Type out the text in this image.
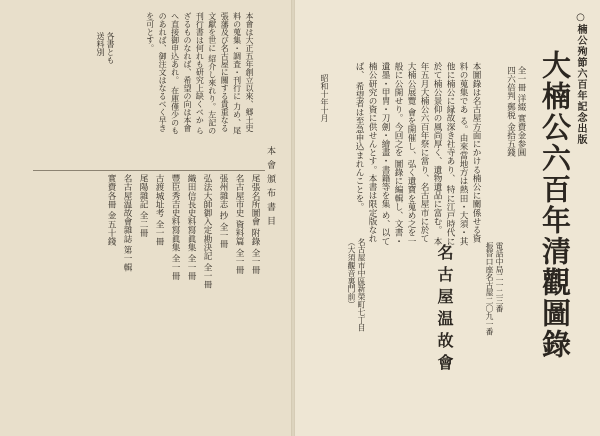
本會は大正五年創立以來、郷土史料の蒐集・調査・刊行に 力め、尾張藩及び名古屋に關する貴重なる文獻を世に 紹介し來れり。左記の刊行書は何れも研究上缺くべか らざるものなれば、希望の向は本會へ直接御申込あれ。 在庫僅少のものあれば、御注文はなるべく早きを可とす。
各書とも
送料別
本會頒布書目
尾張名所圖會 附錄 全一冊
名古屋市史 資料篇 全一冊
張州雜志 抄 全一冊
弘法大師御入定勘決記 全一冊
織田信長史料寫眞集 全一冊
豐臣秀吉史料寫眞集 全一冊
古渡城址考 全一冊
尾陽雜記 全二冊
名古屋温故會雜誌 第一輯
實費各冊 金五十錢
○楠公殉節六百年記念出版
大楠公六百年清觀圖錄
全一冊 洋綴 實費金参圓
四六倍判 郵税 金拾五錢
本圖錄は名古屋方面にかける楠公に關係せる資料の蒐集であ る。由來當地方は熱田・大須・其他に楠公に縁故深き社寺あり、 特に江戸時代に於て楠公景仰の風尚厚く、遺物遺品に富む。 本年五月大楠公六百年祭に當り、名古屋市に於て大楠公展覽 會を開催し、弘く遺寶を蒐め之を一般に公開せり。今回之を 圖錄に編輯し、文書・遺墨・甲冑・刀劍・繪畫・書籍等を集 め、以て楠公研究の資に供せんとす。本書は限定版なれば、 希望者は至急申込まれんことを。
昭和十年十月
名古屋市中區新榮町七丁目
（大須觀音裏門前）	名古屋温故會	電話中局二一二三番
振替口座名古屋二〇九一番
